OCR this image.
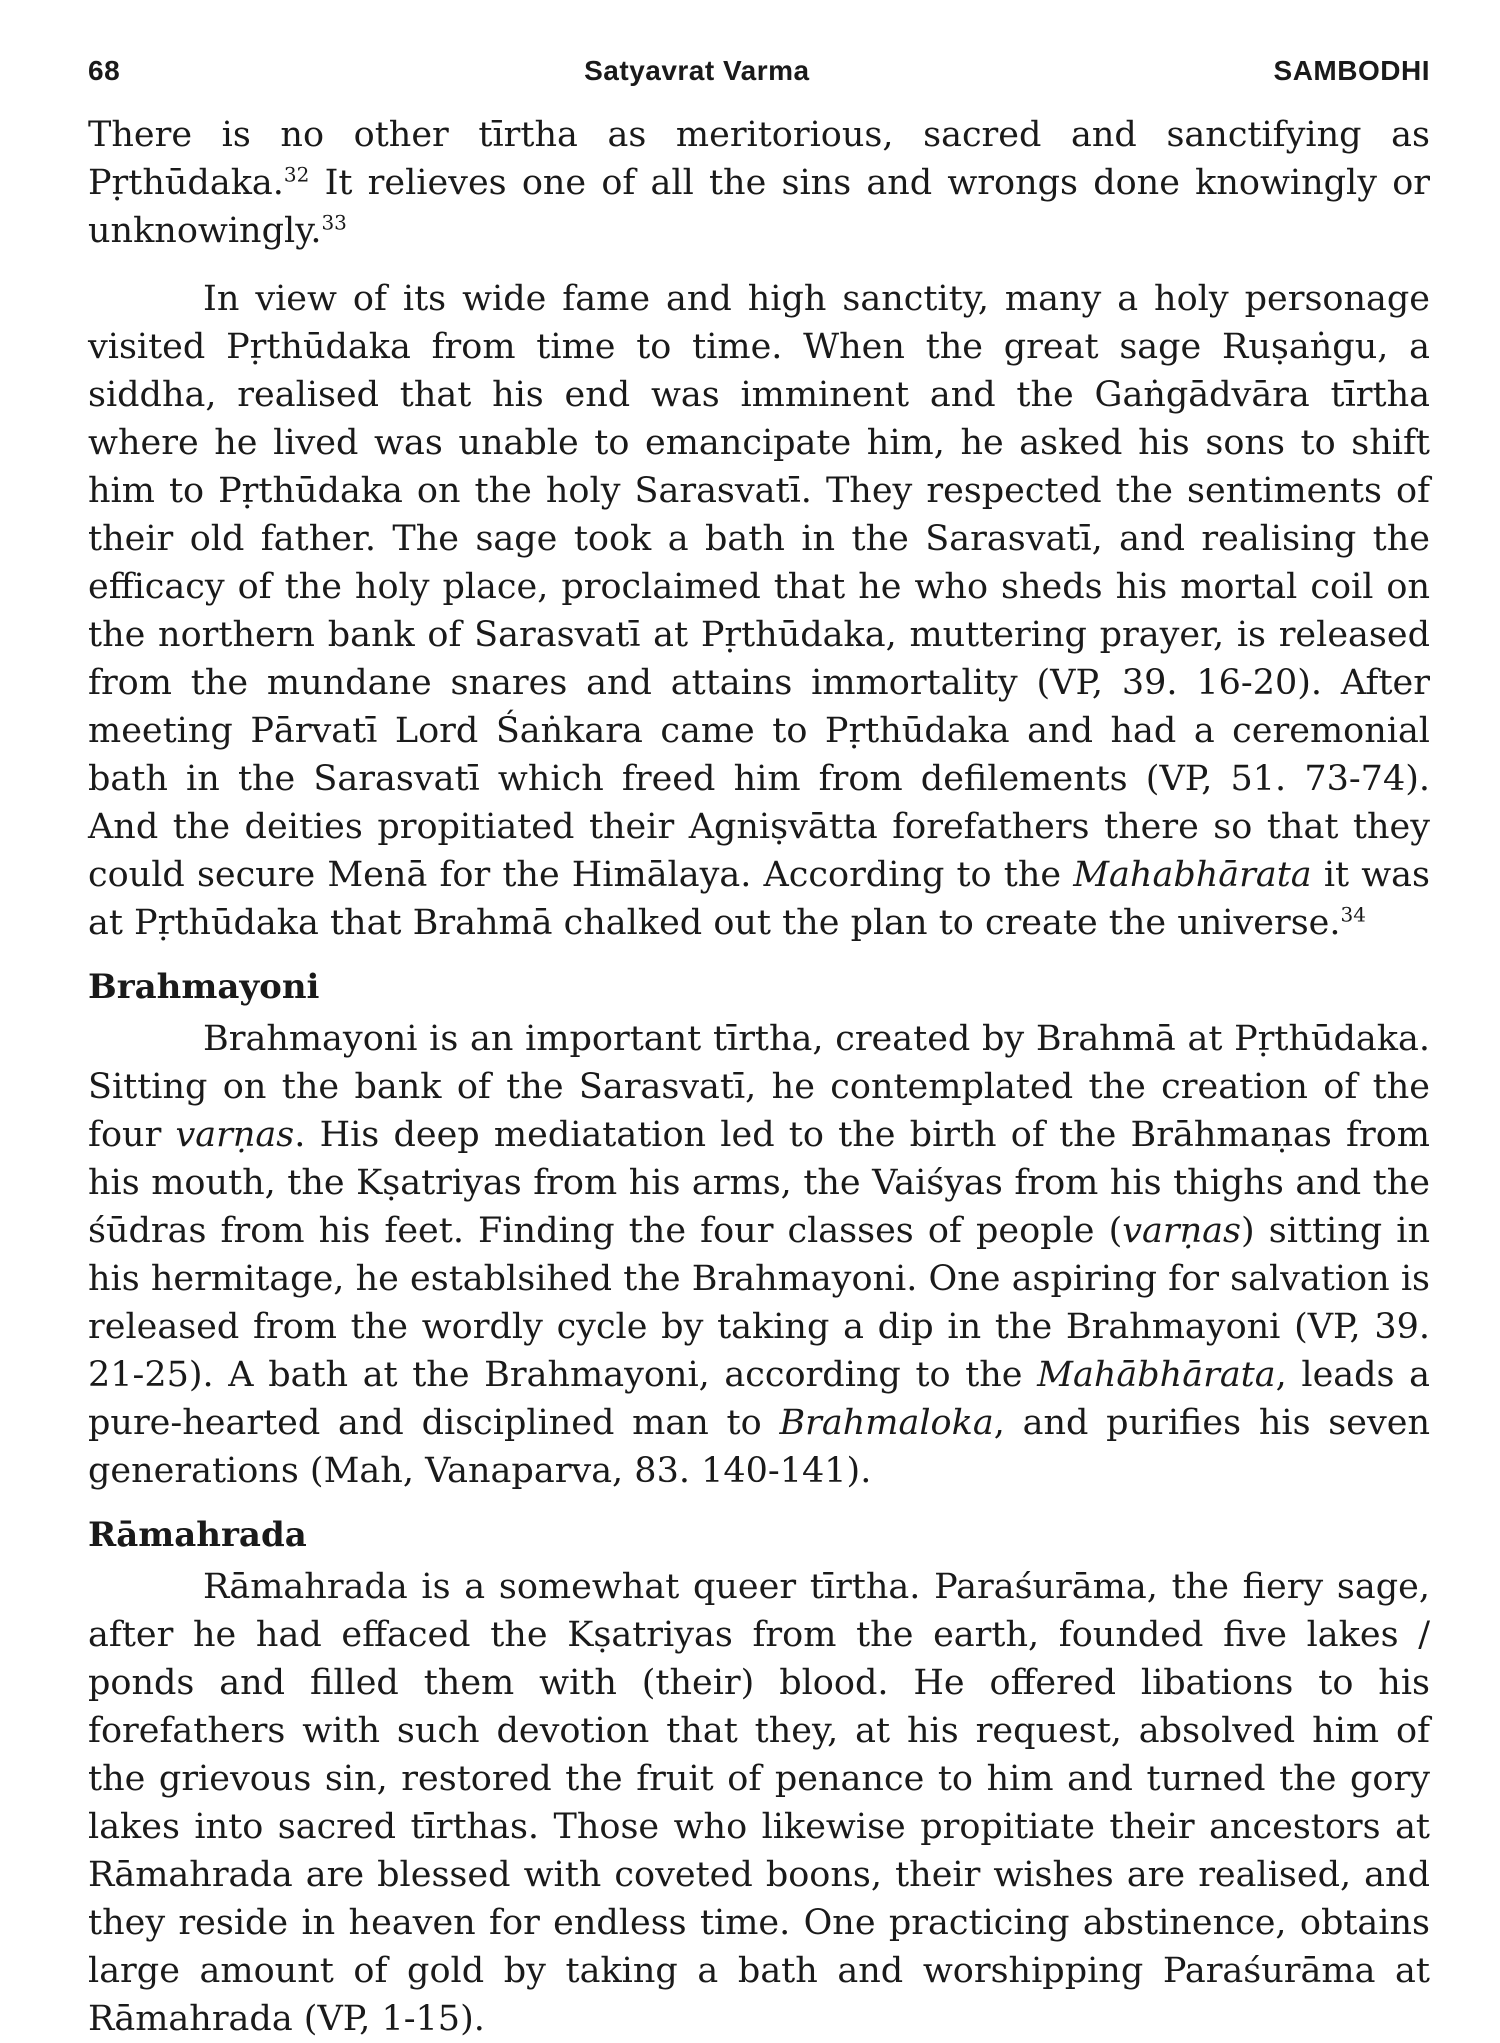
68	Satyavrat Varma	SAMBODHI

There is no other tīrtha as meritorious, sacred and sanctifying as Pṛthūdaka.$^{32}$ It relieves one of all the sins and wrongs done knowingly or unknowingly.$^{33}$

In view of its wide fame and high sanctity, many a holy personage visited Pṛthūdaka from time to time. When the great sage Ruṣaṅgu, a siddha, realised that his end was imminent and the Gaṅgādvāra tīrtha where he lived was unable to emancipate him, he asked his sons to shift him to Pṛthūdaka on the holy Sarasvatī. They respected the sentiments of their old father. The sage took a bath in the Sarasvatī, and realising the efficacy of the holy place, proclaimed that he who sheds his mortal coil on the northern bank of Sarasvatī at Pṛthūdaka, muttering prayer, is released from the mundane snares and attains immortality (VP, 39. 16-20). After meeting Pārvatī Lord Śaṅkara came to Pṛthūdaka and had a ceremonial bath in the Sarasvatī which freed him from defilements (VP, 51. 73-74). And the deities propitiated their Agniṣvātta forefathers there so that they could secure Menā for the Himālaya. According to the Mahabhārata it was at Pṛthūdaka that Brahmā chalked out the plan to create the universe.$^{34}$

Brahmayoni

Brahmayoni is an important tīrtha, created by Brahmā at Pṛthūdaka. Sitting on the bank of the Sarasvatī, he contemplated the creation of the four varṇas. His deep mediatation led to the birth of the Brāhmaṇas from his mouth, the Kṣatriyas from his arms, the Vaiśyas from his thighs and the śūdras from his feet. Finding the four classes of people (varṇas) sitting in his hermitage, he establsihed the Brahmayoni. One aspiring for salvation is released from the wordly cycle by taking a dip in the Brahmayoni (VP, 39. 21-25). A bath at the Brahmayoni, according to the Mahābhārata, leads a pure-hearted and disciplined man to Brahmaloka, and purifies his seven generations (Mah, Vanaparva, 83. 140-141).

Rāmahrada

Rāmahrada is a somewhat queer tīrtha. Paraśurāma, the fiery sage, after he had effaced the Kṣatriyas from the earth, founded five lakes / ponds and filled them with (their) blood. He offered libations to his forefathers with such devotion that they, at his request, absolved him of the grievous sin, restored the fruit of penance to him and turned the gory lakes into sacred tīrthas. Those who likewise propitiate their ancestors at Rāmahrada are blessed with coveted boons, their wishes are realised, and they reside in heaven for endless time. One practicing abstinence, obtains large amount of gold by taking a bath and worshipping Paraśurāma at Rāmahrada (VP, 1-15).
